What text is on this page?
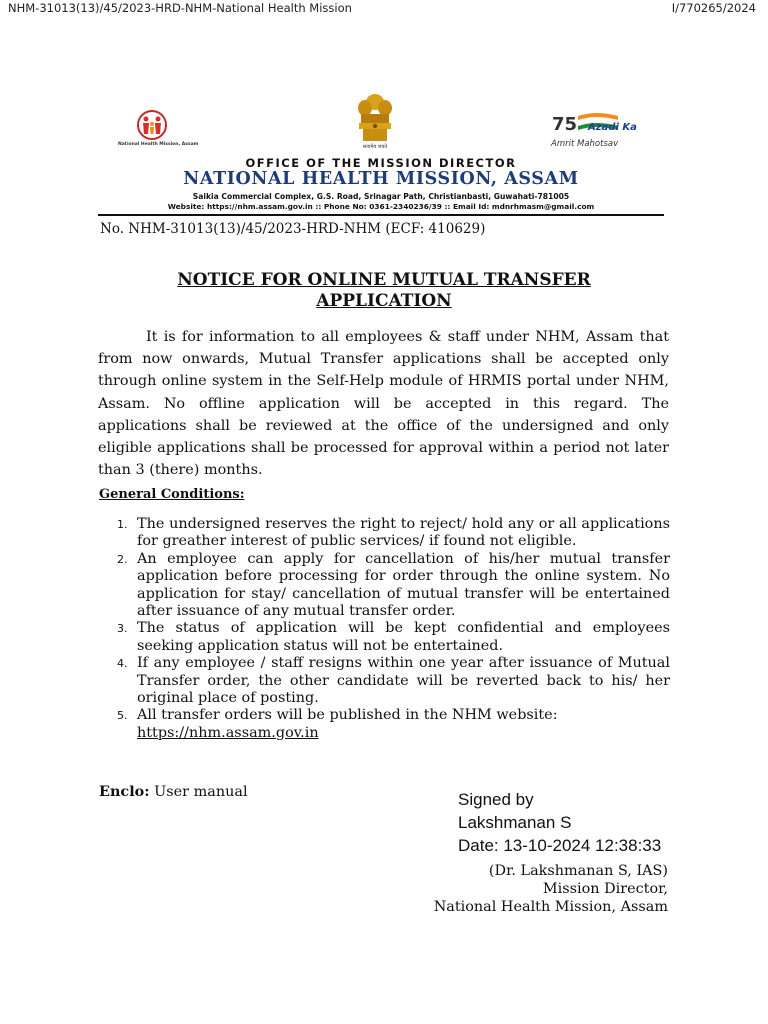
NHM-31013(13)/45/2023-HRD-NHM-National Health Mission	I/770265/2024
National Health Mission, Assam	सत्यमेव जयते
75 Azadi Ka
Amrit Mahotsav
OFFICE OF THE MISSION DIRECTOR
NATIONAL HEALTH MISSION, ASSAM
Saikia Commercial Complex, G.S. Road, Srinagar Path, Christianbasti, Guwahati-781005
Website: https://nhm.assam.gov.in :: Phone No: 0361-2340236/39 :: Email Id: mdnrhmasm@gmail.com
No. NHM-31013(13)/45/2023-HRD-NHM (ECF: 410629)
NOTICE FOR ONLINE MUTUAL TRANSFER
APPLICATION

It is for information to all employees & staff under NHM, Assam that from now onwards, Mutual Transfer applications shall be accepted only through online system in the Self-Help module of HRMIS portal under NHM, Assam. No offline application will be accepted in this regard. The applications shall be reviewed at the office of the undersigned and only eligible applications shall be processed for approval within a period not later than 3 (there) months.

General Conditions:
1. The undersigned reserves the right to reject/ hold any or all applications for greather interest of public services/ if found not eligible.
2. An employee can apply for cancellation of his/her mutual transfer application before processing for order through the online system. No application for stay/ cancellation of mutual transfer will be entertained after issuance of any mutual transfer order.
3. The status of application will be kept confidential and employees seeking application status will not be entertained.
4. If any employee / staff resigns within one year after issuance of Mutual Transfer order, the other candidate will be reverted back to his/ her original place of posting.
5. All transfer orders will be published in the NHM website:
https://nhm.assam.gov.in
Enclo: User manual	Signed by
Lakshmanan S
Date: 13-10-2024 12:38:33
(Dr. Lakshmanan S, IAS)
Mission Director,
National Health Mission, Assam
